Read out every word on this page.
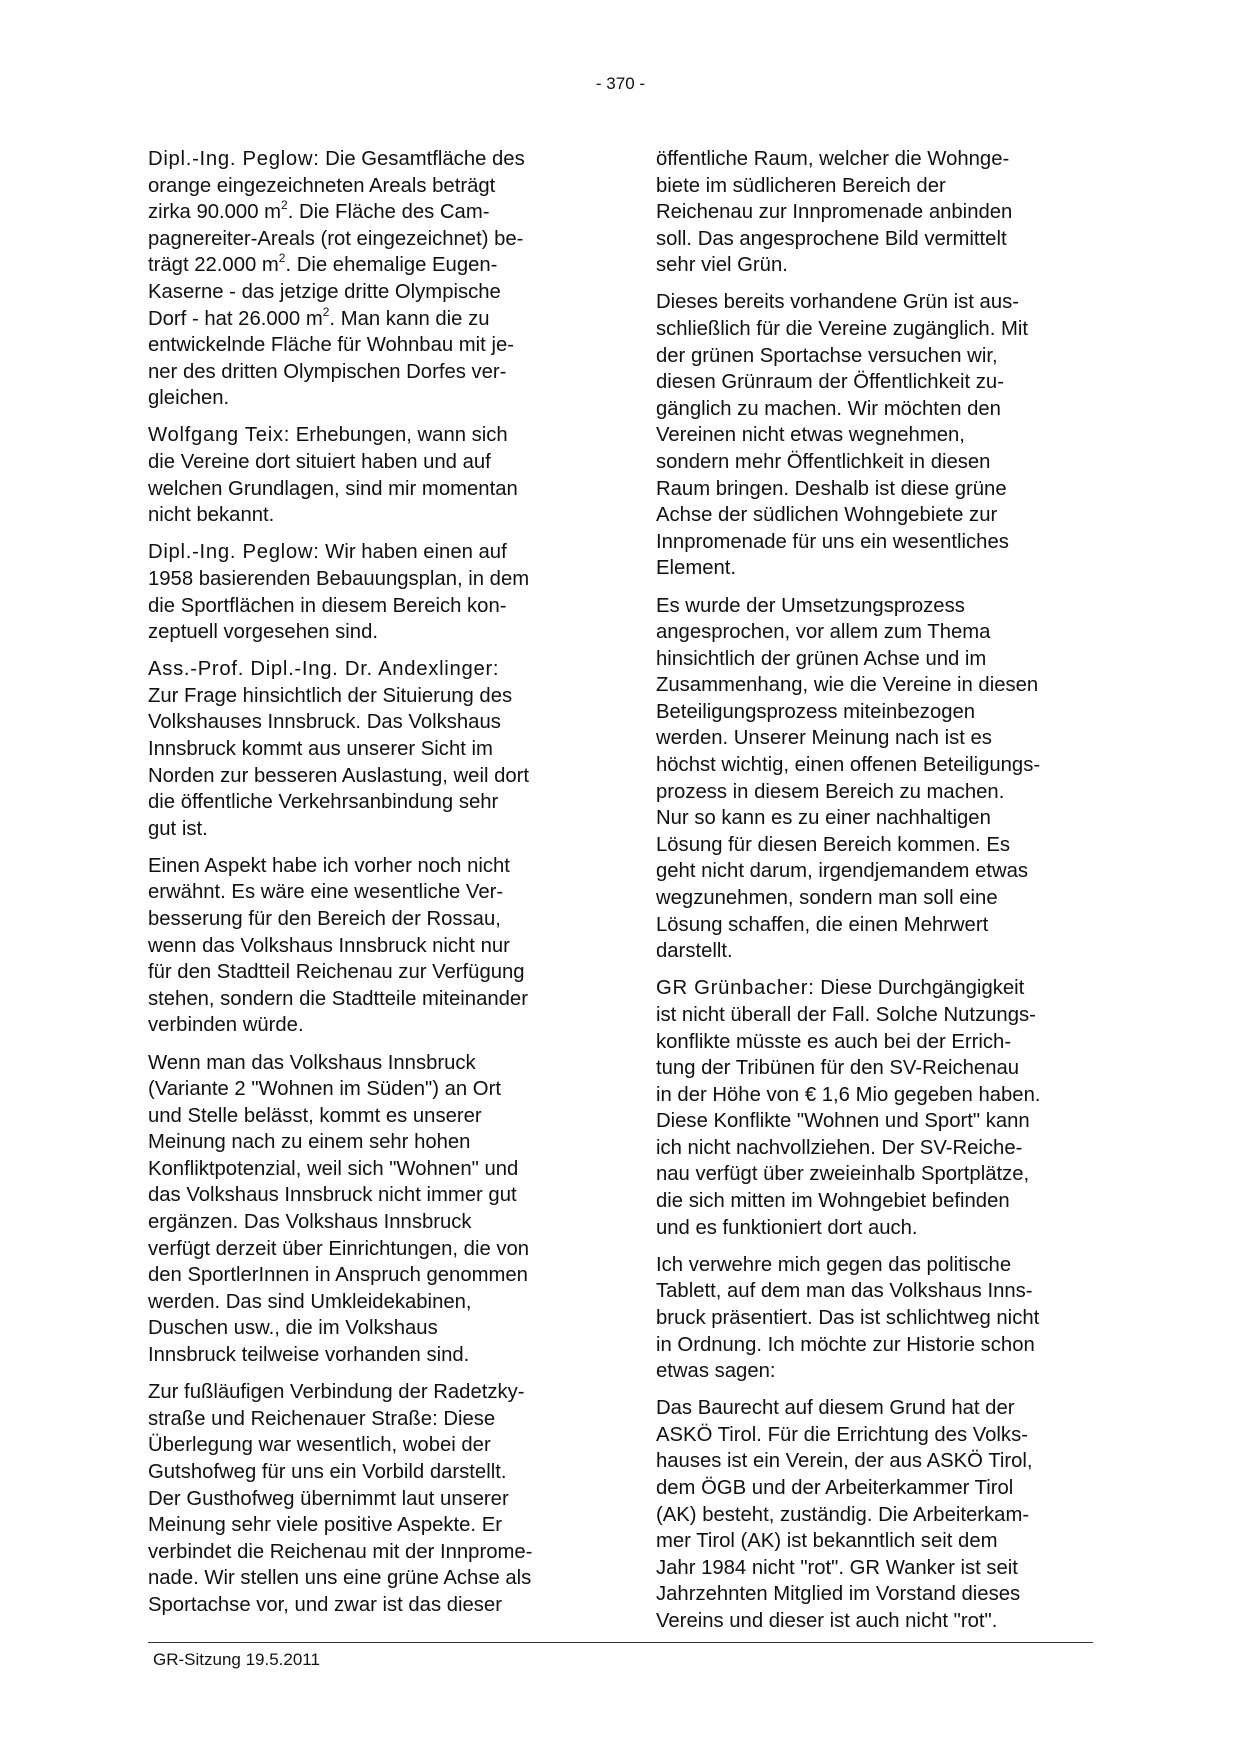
- 370 -

Dipl.-Ing. Peglow: Die Gesamtfläche des
orange eingezeichneten Areals beträgt
zirka 90.000 $m^2$. Die Fläche des Cam-
pagnereiter-Areals (rot eingezeichnet) be-
trägt 22.000 $m^2$. Die ehemalige Eugen-
Kaserne - das jetzige dritte Olympische
Dorf - hat 26.000 $m^2$. Man kann die zu
entwickelnde Fläche für Wohnbau mit je-
ner des dritten Olympischen Dorfes ver-
gleichen.

Wolfgang Teix: Erhebungen, wann sich
die Vereine dort situiert haben und auf
welchen Grundlagen, sind mir momentan
nicht bekannt.

Dipl.-Ing. Peglow: Wir haben einen auf
1958 basierenden Bebauungsplan, in dem
die Sportflächen in diesem Bereich kon-
zeptuell vorgesehen sind.

Ass.-Prof. Dipl.-Ing. Dr. Andexlinger:
Zur Frage hinsichtlich der Situierung des
Volkshauses Innsbruck. Das Volkshaus
Innsbruck kommt aus unserer Sicht im
Norden zur besseren Auslastung, weil dort
die öffentliche Verkehrsanbindung sehr
gut ist.

Einen Aspekt habe ich vorher noch nicht
erwähnt. Es wäre eine wesentliche Ver-
besserung für den Bereich der Rossau,
wenn das Volkshaus Innsbruck nicht nur
für den Stadtteil Reichenau zur Verfügung
stehen, sondern die Stadtteile miteinander
verbinden würde.

Wenn man das Volkshaus Innsbruck
(Variante 2 "Wohnen im Süden") an Ort
und Stelle belässt, kommt es unserer
Meinung nach zu einem sehr hohen
Konfliktpotenzial, weil sich "Wohnen" und
das Volkshaus Innsbruck nicht immer gut
ergänzen. Das Volkshaus Innsbruck
verfügt derzeit über Einrichtungen, die von
den SportlerInnen in Anspruch genommen
werden. Das sind Umkleidekabinen,
Duschen usw., die im Volkshaus
Innsbruck teilweise vorhanden sind.

Zur fußläufigen Verbindung der Radetzky-
straße und Reichenauer Straße: Diese
Überlegung war wesentlich, wobei der
Gutshofweg für uns ein Vorbild darstellt.
Der Gusthofweg übernimmt laut unserer
Meinung sehr viele positive Aspekte. Er
verbindet die Reichenau mit der Innprome-
nade. Wir stellen uns eine grüne Achse als
Sportachse vor, und zwar ist das dieser

öffentliche Raum, welcher die Wohnge-
biete im südlicheren Bereich der
Reichenau zur Innpromenade anbinden
soll. Das angesprochene Bild vermittelt
sehr viel Grün.

Dieses bereits vorhandene Grün ist aus-
schließlich für die Vereine zugänglich. Mit
der grünen Sportachse versuchen wir,
diesen Grünraum der Öffentlichkeit zu-
gänglich zu machen. Wir möchten den
Vereinen nicht etwas wegnehmen,
sondern mehr Öffentlichkeit in diesen
Raum bringen. Deshalb ist diese grüne
Achse der südlichen Wohngebiete zur
Innpromenade für uns ein wesentliches
Element.

Es wurde der Umsetzungsprozess
angesprochen, vor allem zum Thema
hinsichtlich der grünen Achse und im
Zusammenhang, wie die Vereine in diesen
Beteiligungsprozess miteinbezogen
werden. Unserer Meinung nach ist es
höchst wichtig, einen offenen Beteiligungs-
prozess in diesem Bereich zu machen.
Nur so kann es zu einer nachhaltigen
Lösung für diesen Bereich kommen. Es
geht nicht darum, irgendjemandem etwas
wegzunehmen, sondern man soll eine
Lösung schaffen, die einen Mehrwert
darstellt.

GR Grünbacher: Diese Durchgängigkeit
ist nicht überall der Fall. Solche Nutzungs-
konflikte müsste es auch bei der Errich-
tung der Tribünen für den SV-Reichenau
in der Höhe von € 1,6 Mio gegeben haben.
Diese Konflikte "Wohnen und Sport" kann
ich nicht nachvollziehen. Der SV-Reiche-
nau verfügt über zweieinhalb Sportplätze,
die sich mitten im Wohngebiet befinden
und es funktioniert dort auch.

Ich verwehre mich gegen das politische
Tablett, auf dem man das Volkshaus Inns-
bruck präsentiert. Das ist schlichtweg nicht
in Ordnung. Ich möchte zur Historie schon
etwas sagen:

Das Baurecht auf diesem Grund hat der
ASKÖ Tirol. Für die Errichtung des Volks-
hauses ist ein Verein, der aus ASKÖ Tirol,
dem ÖGB und der Arbeiterkammer Tirol
(AK) besteht, zuständig. Die Arbeiterkam-
mer Tirol (AK) ist bekanntlich seit dem
Jahr 1984 nicht "rot". GR Wanker ist seit
Jahrzehnten Mitglied im Vorstand dieses
Vereins und dieser ist auch nicht "rot".

GR-Sitzung 19.5.2011
